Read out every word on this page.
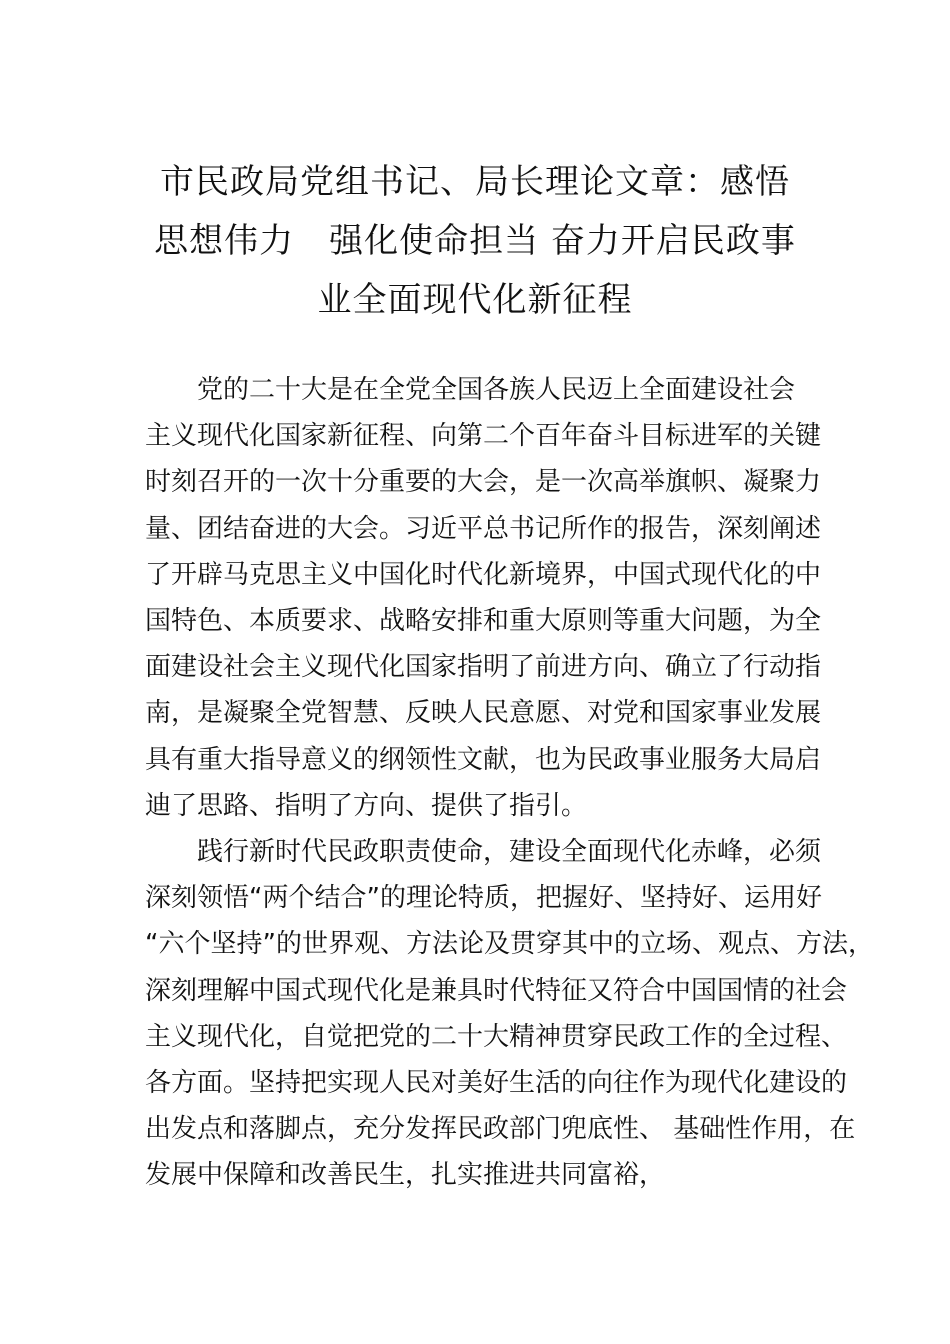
市民政局党组书记、局长理论文章：感悟
思想伟力　强化使命担当 奋力开启民政事
业全面现代化新征程

党的二十大是在全党全国各族人民迈上全面建设社会
主义现代化国家新征程、向第二个百年奋斗目标进军的关键
时刻召开的一次十分重要的大会，是一次高举旗帜、凝聚力
量、团结奋进的大会。习近平总书记所作的报告，深刻阐述
了开辟马克思主义中国化时代化新境界，中国式现代化的中
国特色、本质要求、战略安排和重大原则等重大问题，为全
面建设社会主义现代化国家指明了前进方向、确立了行动指
南，是凝聚全党智慧、反映人民意愿、对党和国家事业发展
具有重大指导意义的纲领性文献，也为民政事业服务大局启
迪了思路、指明了方向、提供了指引。

践行新时代民政职责使命，建设全面现代化赤峰，必须
深刻领悟“两个结合”的理论特质，把握好、坚持好、运用好
“六个坚持”的世界观、方法论及贯穿其中的立场、观点、方法，
深刻理解中国式现代化是兼具时代特征又符合中国国情的社会
主义现代化，自觉把党的二十大精神贯穿民政工作的全过程、
各方面。坚持把实现人民对美好生活的向往作为现代化建设的
出发点和落脚点，充分发挥民政部门兜底性、 基础性作用，在
发展中保障和改善民生，扎实推进共同富裕，
